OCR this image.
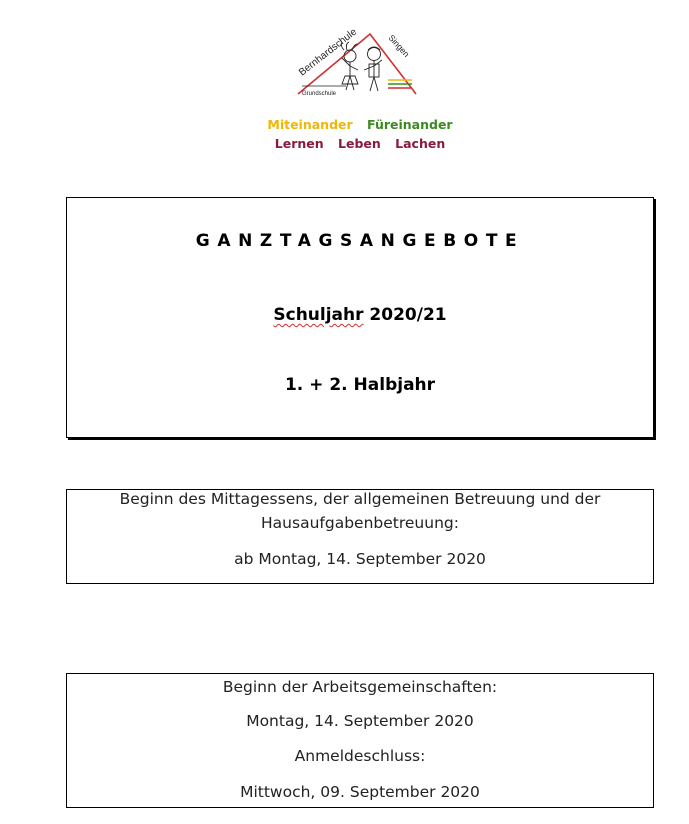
Bernhardschule	Singen
Grundschule
Miteinander Füreinander
Lernen Leben Lachen
GANZTAGSANGEBOTE
Schuljahr 2020/21
1. + 2. Halbjahr
Beginn des Mittagessens, der allgemeinen Betreuung und der
Hausaufgabenbetreuung:
ab Montag, 14. September 2020
Beginn der Arbeitsgemeinschaften:
Montag, 14. September 2020
Anmeldeschluss:
Mittwoch, 09. September 2020
